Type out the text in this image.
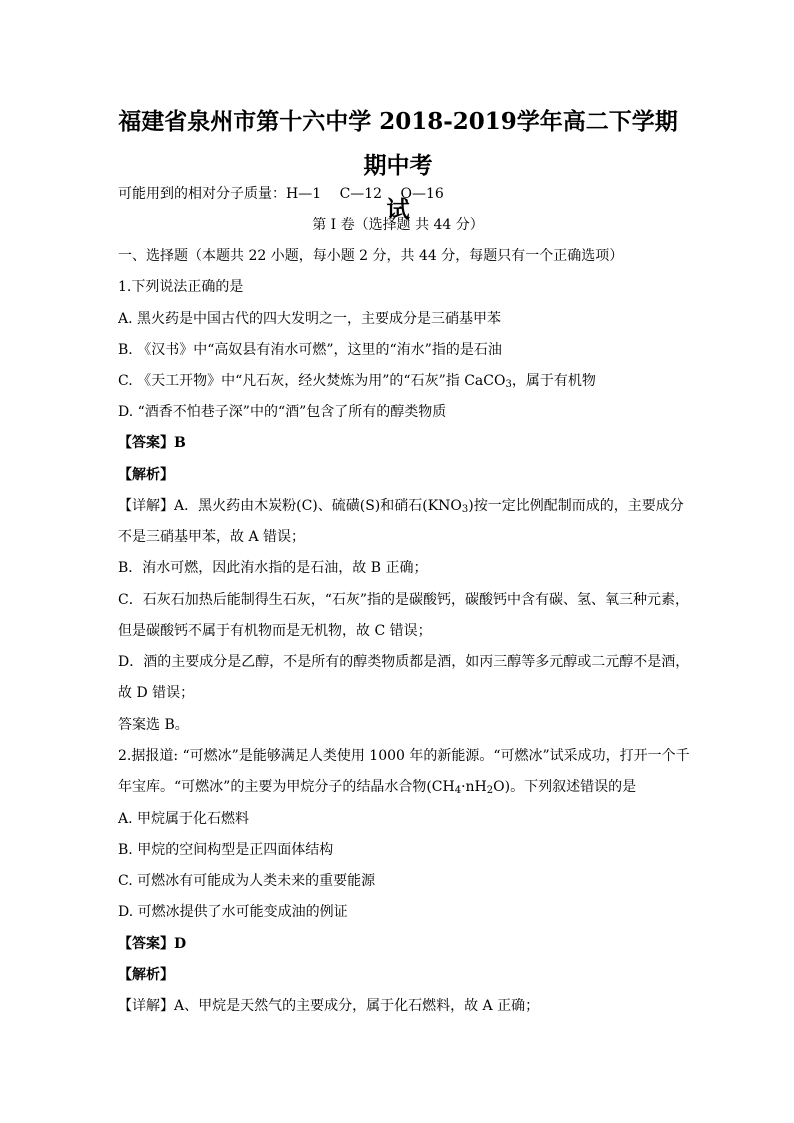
福建省泉州市第十六中学 2018-2019学年高二下学期期中考
试
可能用到的相对分子质量：H—1　 C—12　 O—16
第 I 卷（选择题 共 44 分）
一、选择题（本题共 22 小题，每小题 2 分，共 44 分，每题只有一个正确选项）
1.下列说法正确的是
A. 黑火药是中国古代的四大发明之一，主要成分是三硝基甲苯
B. 《汉书》中“高奴县有洧水可燃”，这里的“洧水”指的是石油
C. 《天工开物》中“凡石灰，经火焚炼为用”的“石灰”指 CaCO$_3$，属于有机物
D. “酒香不怕巷子深”中的“酒”包含了所有的醇类物质
【答案】B
【解析】
【详解】A．黑火药由木炭粉(C)、硫磺(S)和硝石$(KNO_3)$按一定比例配制而成的，主要成分
不是三硝基甲苯，故 A 错误；
B．洧水可燃，因此洧水指的是石油，故 B 正确；
C．石灰石加热后能制得生石灰，“石灰”指的是碳酸钙，碳酸钙中含有碳、氢、氧三种元素，
但是碳酸钙不属于有机物而是无机物，故 C 错误；
D．酒的主要成分是乙醇，不是所有的醇类物质都是酒，如丙三醇等多元醇或二元醇不是酒，
故 D 错误；
答案选 B。
2.据报道: “可燃冰”是能够满足人类使用 1000 年的新能源。“可燃冰”试采成功，打开一个千
年宝库。“可燃冰”的主要为甲烷分子的结晶水合物$(CH_4\cdot nH_2O)$。下列叙述错误的是
A. 甲烷属于化石燃料
B. 甲烷的空间构型是正四面体结构
C. 可燃冰有可能成为人类未来的重要能源
D. 可燃冰提供了水可能变成油的例证
【答案】D
【解析】
【详解】A、甲烷是天然气的主要成分，属于化石燃料，故 A 正确；
